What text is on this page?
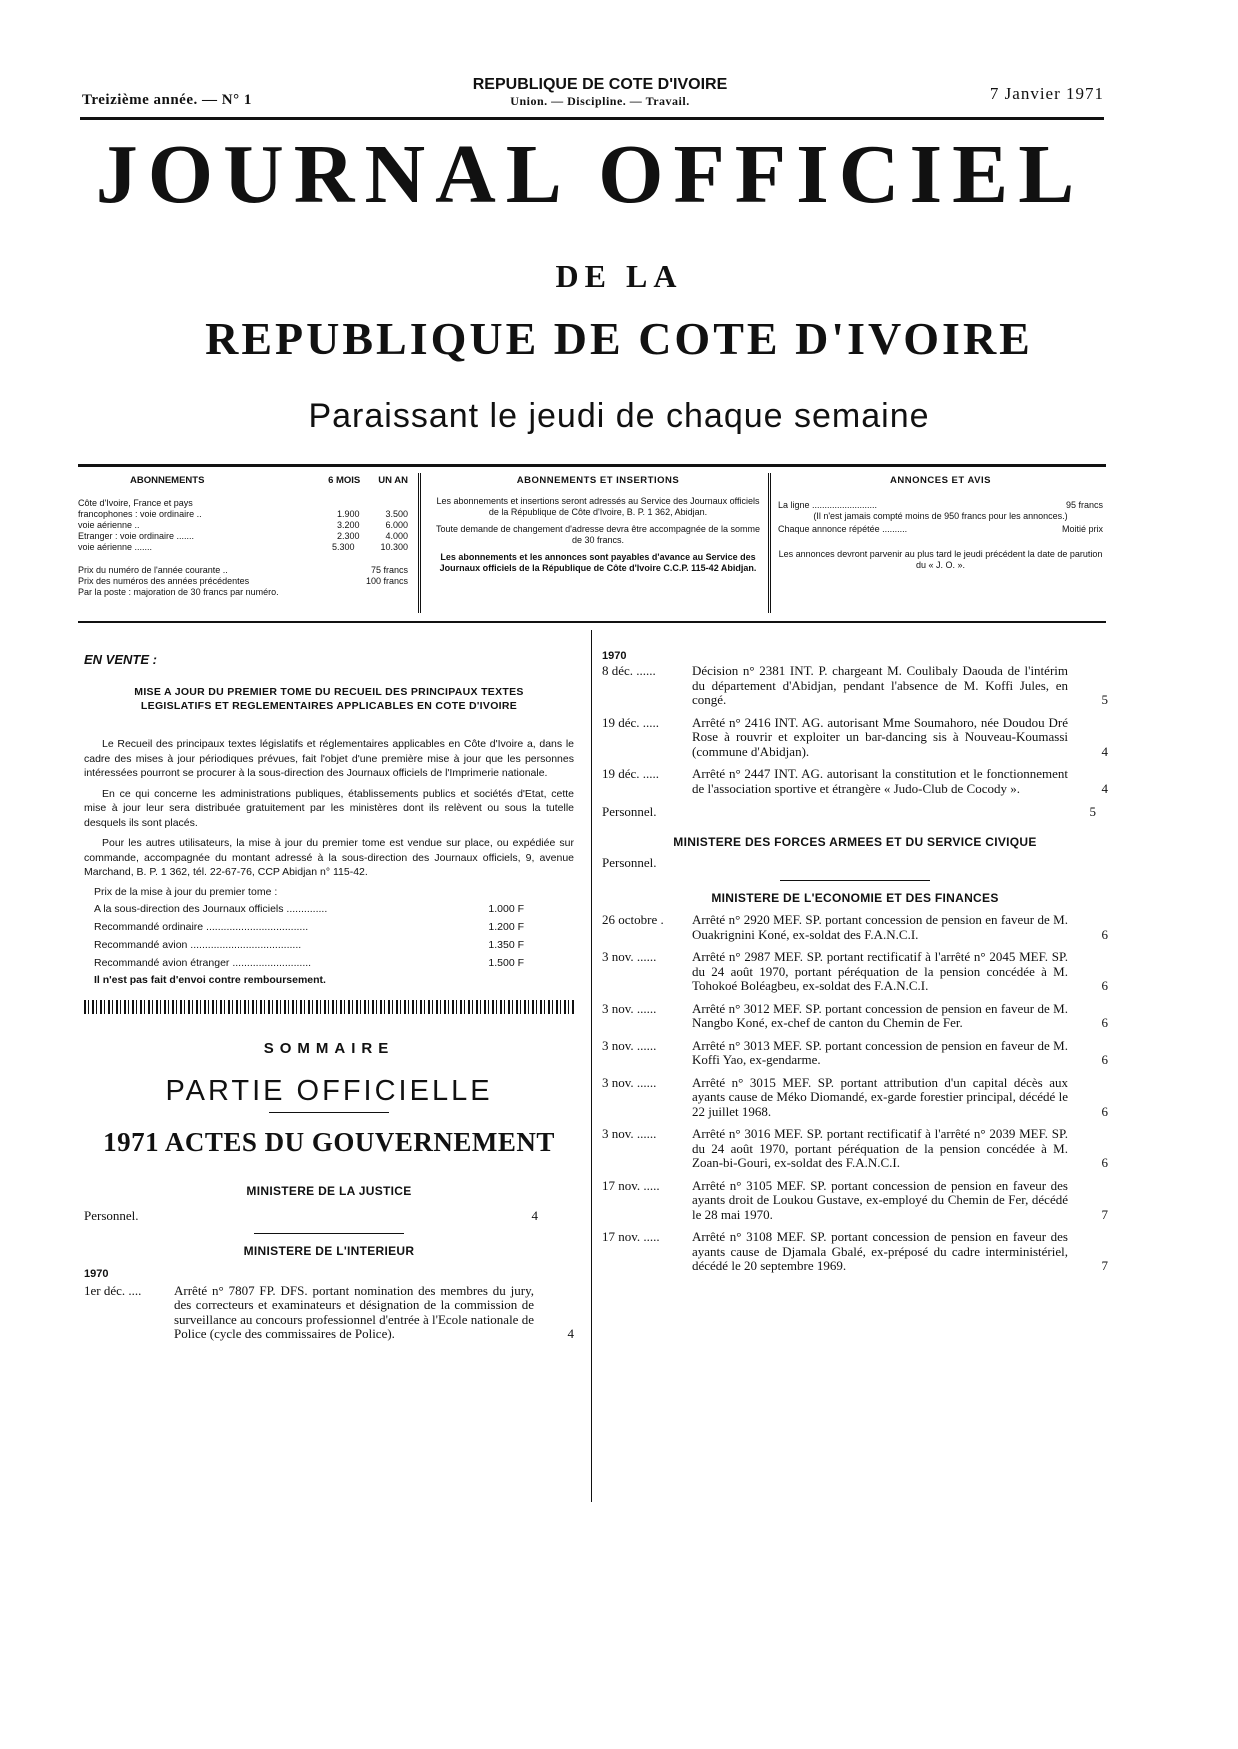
Treizième année. — N° 1
REPUBLIQUE DE COTE D'IVOIRE
Union. — Discipline. — Travail.	7 Janvier 1971
JOURNAL OFFICIEL
DE LA
REPUBLIQUE DE COTE D'IVOIRE
Paraissant le jeudi de chaque semaine
ABONNEMENTS	6 MOIS UN AN
Côte d'Ivoire, France et pays
francophones : voie ordinaire ..	1.900	3.500
voie aérienne ..	3.200	6.000
Etranger : voie ordinaire .......	2.300	4.000
voie aérienne .......	5.300	10.300
Prix du numéro de l'année courante ..	75 francs
Prix des numéros des années précédentes	100 francs
Par la poste : majoration de 30 francs par numéro.
ABONNEMENTS ET INSERTIONS
Les abonnements et insertions seront adressés au Service des Journaux officiels de la République de Côte d'Ivoire, B. P. 1 362, Abidjan.
Toute demande de changement d'adresse devra être accompagnée de la somme de 30 francs.
Les abonnements et les annonces sont payables d'avance au Service des Journaux officiels de la République de Côte d'Ivoire C.C.P. 115-42 Abidjan.
ANNONCES ET AVIS
La ligne ..........................	95 francs
(Il n'est jamais compté moins de 950 francs pour les annonces.)
Chaque annonce répétée ..........	Moitié prix
Les annonces devront parvenir au plus tard le jeudi précédent la date de parution du « J. O. ».
EN VENTE :
MISE A JOUR DU PREMIER TOME DU RECUEIL DES PRINCIPAUX TEXTES LEGISLATIFS ET REGLEMENTAIRES APPLICABLES EN COTE D'IVOIRE

Le Recueil des principaux textes législatifs et réglementaires applicables en Côte d'Ivoire a, dans le cadre des mises à jour périodiques prévues, fait l'objet d'une première mise à jour que les personnes intéressées pourront se procurer à la sous-direction des Journaux officiels de l'Imprimerie nationale.

En ce qui concerne les administrations publiques, établissements publics et sociétés d'Etat, cette mise à jour leur sera distribuée gratuitement par les ministères dont ils relèvent ou sous la tutelle desquels ils sont placés.

Pour les autres utilisateurs, la mise à jour du premier tome est vendue sur place, ou expédiée sur commande, accompagnée du montant adressé à la sous-direction des Journaux officiels, 9, avenue Marchand, B. P. 1 362, tél. 22-67-76, CCP Abidjan n° 115-42.

Prix de la mise à jour du premier tome :
A la sous-direction des Journaux officiels ..............	1.000 F
Recommandé ordinaire ...................................	1.200 F
Recommandé avion ......................................	1.350 F
Recommandé avion étranger ...........................	1.500 F
Il n'est pas fait d'envoi contre remboursement.
SOMMAIRE
PARTIE OFFICIELLE
1971 ACTES DU GOUVERNEMENT
MINISTERE DE LA JUSTICE
Personnel.	4
MINISTERE DE L'INTERIEUR
1970
1er déc. ....	Arrêté n° 7807 FP. DFS. portant nomination des membres du jury, des correcteurs et examinateurs et désignation de la commission de surveillance au concours professionnel d'entrée à l'Ecole nationale de Police (cycle des commissaires de Police).	4
1970
8 déc. ......	Décision n° 2381 INT. P. chargeant M. Coulibaly Daouda de l'intérim du département d'Abidjan, pendant l'absence de M. Koffi Jules, en congé.	5
19 déc. .....	Arrêté n° 2416 INT. AG. autorisant Mme Soumahoro, née Doudou Dré Rose à rouvrir et exploiter un bar-dancing sis à Nouveau-Koumassi (commune d'Abidjan).	4
19 déc. .....	Arrêté n° 2447 INT. AG. autorisant la constitution et le fonctionnement de l'association sportive et étrangère « Judo-Club de Cocody ».	4
Personnel.	5
MINISTERE DES FORCES ARMEES ET DU SERVICE CIVIQUE
Personnel.
MINISTERE DE L'ECONOMIE ET DES FINANCES
26 octobre .	Arrêté n° 2920 MEF. SP. portant concession de pension en faveur de M. Ouakrignini Koné, ex-soldat des F.A.N.C.I.	6
3 nov. ......	Arrêté n° 2987 MEF. SP. portant rectificatif à l'arrêté n° 2045 MEF. SP. du 24 août 1970, portant péréquation de la pension concédée à M. Tohokoé Boléagbeu, ex-soldat des F.A.N.C.I.	6
3 nov. ......	Arrêté n° 3012 MEF. SP. portant concession de pension en faveur de M. Nangbo Koné, ex-chef de canton du Chemin de Fer.	6
3 nov. ......	Arrêté n° 3013 MEF. SP. portant concession de pension en faveur de M. Koffi Yao, ex-gendarme.	6
3 nov. ......	Arrêté n° 3015 MEF. SP. portant attribution d'un capital décès aux ayants cause de Méko Diomandé, ex-garde forestier principal, décédé le 22 juillet 1968.	6
3 nov. ......	Arrêté n° 3016 MEF. SP. portant rectificatif à l'arrêté n° 2039 MEF. SP. du 24 août 1970, portant péréquation de la pension concédée à M. Zoan-bi-Gouri, ex-soldat des F.A.N.C.I.	6
17 nov. .....	Arrêté n° 3105 MEF. SP. portant concession de pension en faveur des ayants droit de Loukou Gustave, ex-employé du Chemin de Fer, décédé le 28 mai 1970.	7
17 nov. .....	Arrêté n° 3108 MEF. SP. portant concession de pension en faveur des ayants cause de Djamala Gbalé, ex-préposé du cadre interministériel, décédé le 20 septembre 1969.	7
